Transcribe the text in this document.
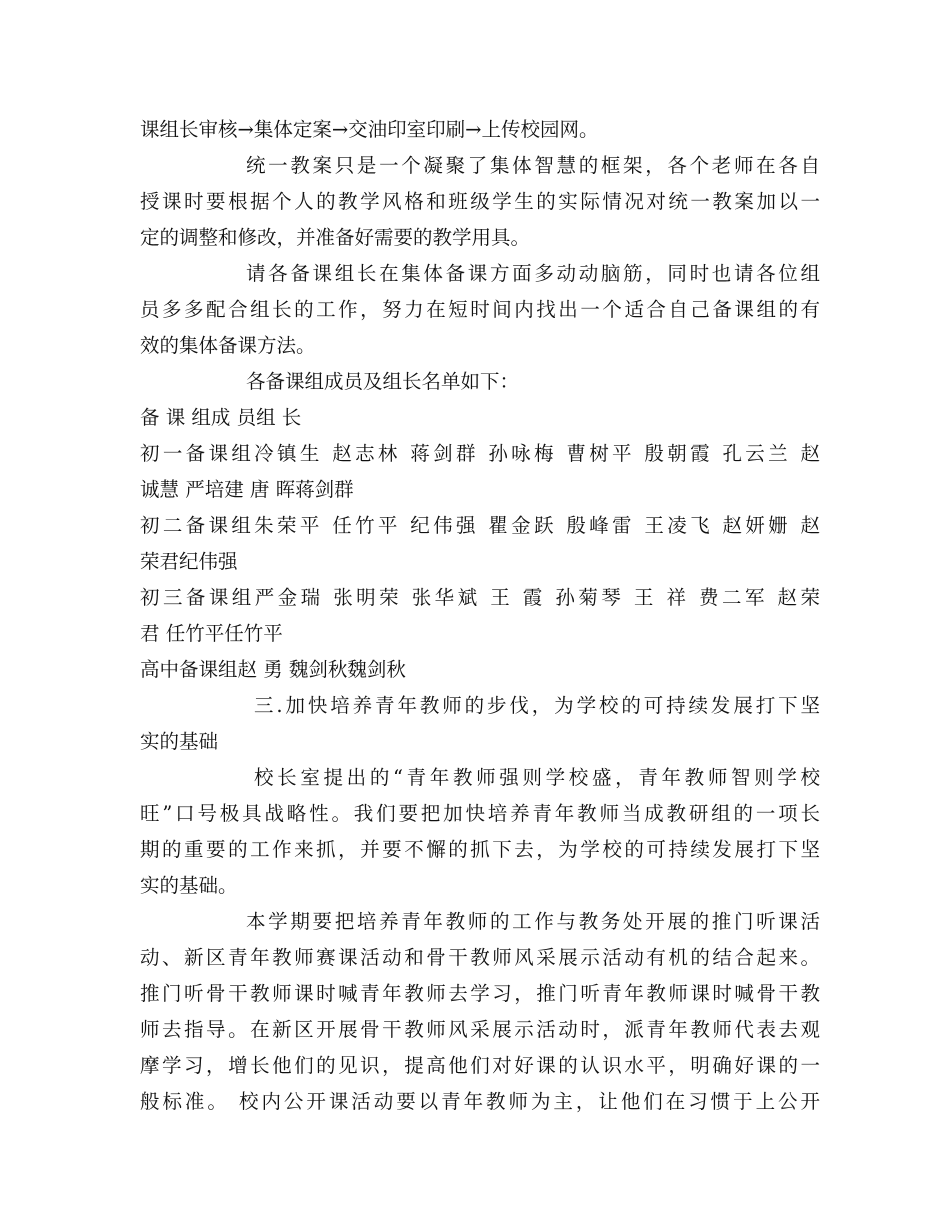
课组长审核→集体定案→交油印室印刷→上传校园网。
统一教案只是一个凝聚了集体智慧的框架，各个老师在各自
授课时要根据个人的教学风格和班级学生的实际情况对统一教案加以一
定的调整和修改，并准备好需要的教学用具。
请各备课组长在集体备课方面多动动脑筋，同时也请各位组
员多多配合组长的工作，努力在短时间内找出一个适合自己备课组的有
效的集体备课方法。
各备课组成员及组长名单如下：
备 课 组成 员组 长
初一备课组冷镇生 赵志林 蒋剑群 孙咏梅 曹树平 殷朝霞 孔云兰 赵
诚慧 严培建 唐 晖蒋剑群
初二备课组朱荣平 任竹平 纪伟强 瞿金跃 殷峰雷 王凌飞 赵妍姗 赵
荣君纪伟强
初三备课组严金瑞 张明荣 张华斌 王 霞 孙菊琴 王 祥 费二军 赵荣
君 任竹平任竹平
高中备课组赵 勇 魏剑秋魏剑秋
三.加快培养青年教师的步伐，为学校的可持续发展打下坚
实的基础
校长室提出的“青年教师强则学校盛，青年教师智则学校
旺”口号极具战略性。我们要把加快培养青年教师当成教研组的一项长
期的重要的工作来抓，并要不懈的抓下去，为学校的可持续发展打下坚
实的基础。
本学期要把培养青年教师的工作与教务处开展的推门听课活
动、新区青年教师赛课活动和骨干教师风采展示活动有机的结合起来。
推门听骨干教师课时喊青年教师去学习，推门听青年教师课时喊骨干教
师去指导。在新区开展骨干教师风采展示活动时，派青年教师代表去观
摩学习，增长他们的见识，提高他们对好课的认识水平，明确好课的一
般标准。 校内公开课活动要以青年教师为主，让他们在习惯于上公开
